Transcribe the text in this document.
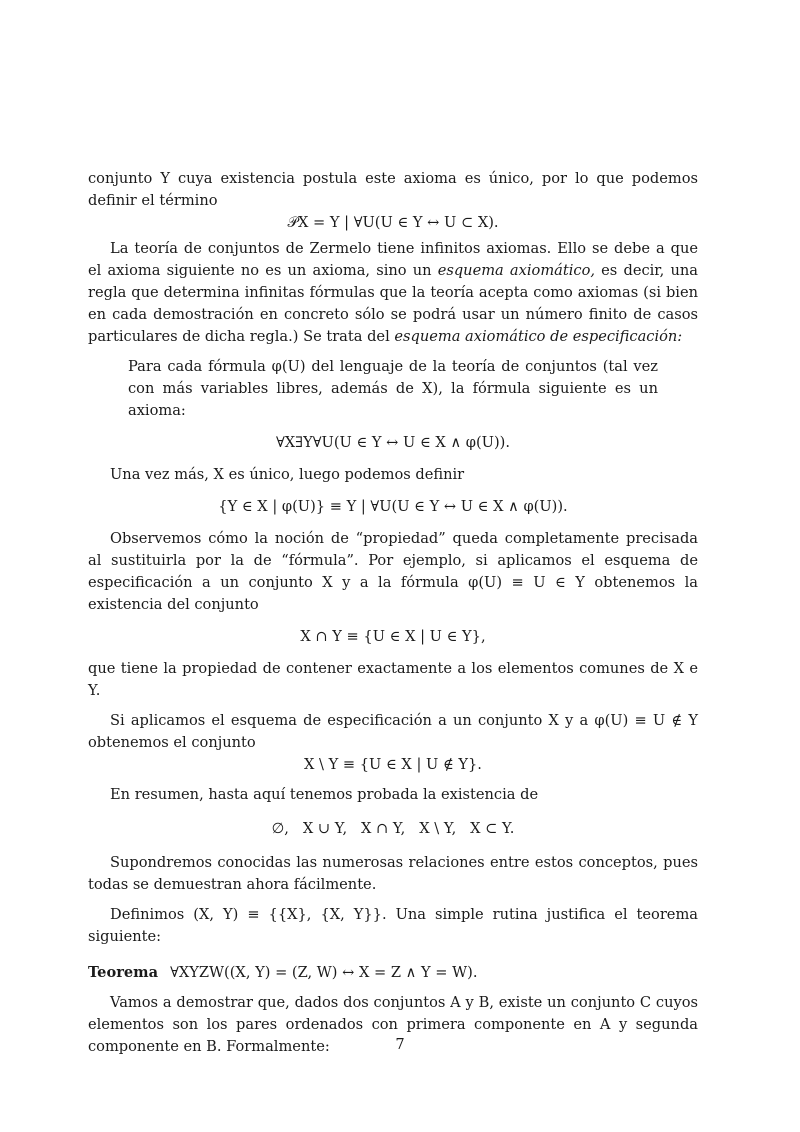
conjunto Y cuya existencia postula este axioma es único, por lo que podemos definir el término

𝒫X = Y | ∀U(U ∈ Y ↔ U ⊂ X).

La teoría de conjuntos de Zermelo tiene infinitos axiomas. Ello se debe a que el axioma siguiente no es un axioma, sino un esquema axiomático, es decir, una regla que determina infinitas fórmulas que la teoría acepta como axiomas (si bien en cada demostración en concreto sólo se podrá usar un número finito de casos particulares de dicha regla.) Se trata del esquema axiomático de especificación:

Para cada fórmula φ(U) del lenguaje de la teoría de conjuntos (tal vez con más variables libres, además de X), la fórmula siguiente es un axioma:

∀X∃Y∀U(U ∈ Y ↔ U ∈ X ∧ φ(U)).

Una vez más, X es único, luego podemos definir

{Y ∈ X | φ(U)} ≡ Y | ∀U(U ∈ Y ↔ U ∈ X ∧ φ(U)).

Observemos cómo la noción de “propiedad” queda completamente precisada al sustituirla por la de “fórmula”. Por ejemplo, si aplicamos el esquema de especificación a un conjunto X y a la fórmula φ(U) ≡ U ∈ Y obtenemos la existencia del conjunto

X ∩ Y ≡ {U ∈ X | U ∈ Y},

que tiene la propiedad de contener exactamente a los elementos comunes de X e Y.

Si aplicamos el esquema de especificación a un conjunto X y a φ(U) ≡ U ∉ Y obtenemos el conjunto

X \ Y ≡ {U ∈ X | U ∉ Y}.

En resumen, hasta aquí tenemos probada la existencia de

∅,   X ∪ Y,   X ∩ Y,   X \ Y,   X ⊂ Y.

Supondremos conocidas las numerosas relaciones entre estos conceptos, pues todas se demuestran ahora fácilmente.

Definimos (X, Y) ≡ {{X}, {X, Y}}. Una simple rutina justifica el teorema siguiente:

Teorema ∀XYZW((X, Y) = (Z, W) ↔ X = Z ∧ Y = W).

Vamos a demostrar que, dados dos conjuntos A y B, existe un conjunto C cuyos elementos son los pares ordenados con primera componente en A y segunda componente en B. Formalmente:	7
